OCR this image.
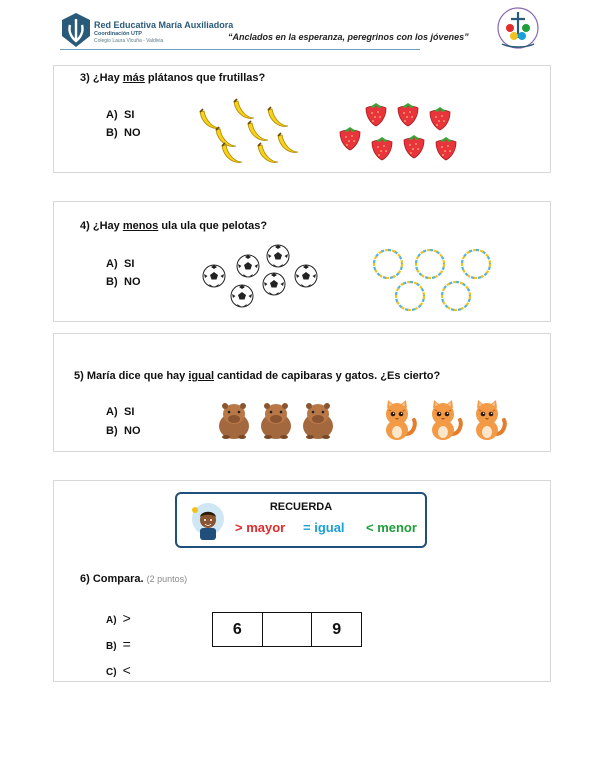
Red Educativa María Auxiliadora
Coordinación UTP
Colegio Laura Vicuña - Valdivia	“Anclados en la esperanza, peregrinos con los jóvenes”
3) ¿Hay más plátanos que frutillas?
A) SI
B) NO
4) ¿Hay menos ula ula que pelotas?
A) SI
B) NO
5) María dice que hay igual cantidad de capibaras y gatos. ¿Es cierto?
A) SI
B) NO
RECUERDA
> mayor = igual < menor
6) Compara. (2 puntos)
A) >
B) =
C) <
6	9
